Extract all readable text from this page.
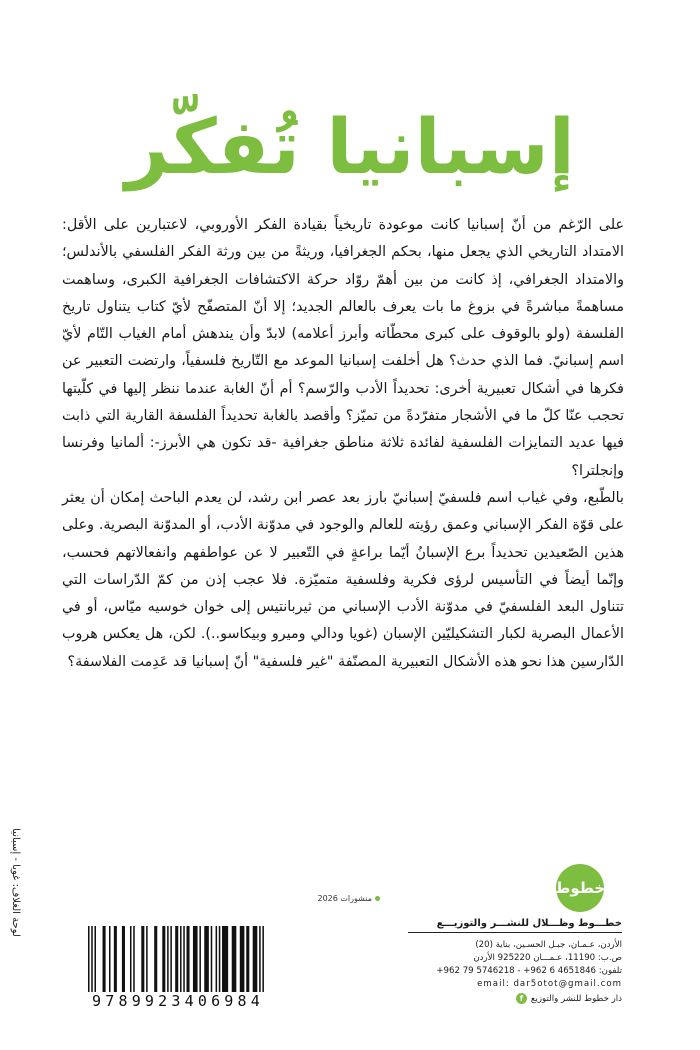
إسبانيا تُفكّر

على الرّغم من أنّ إسبانيا كانت موعودة تاريخياً بقيادة الفكر الأوروبي، لاعتبارين على الأقل: الامتداد التاريخي الذي يجعل منها، بحكم الجغرافيا، وريثةً من بين ورثة الفكر الفلسفي بالأندلس؛ والامتداد الجغرافي، إذ كانت من بين أهمّ روّاد حركة الاكتشافات الجغرافية الكبرى، وساهمت مساهمةً مباشرةً في بزوغ ما بات يعرف بالعالم الجديد؛ إلا أنّ المتصفّح لأيّ كتاب يتناول تاريخ الفلسفة (ولو بالوقوف على كبرى محطّاته وأبرز أعلامه) لابدّ وأن يندهش أمام الغياب التّام لأيّ اسم إسبانيّ. فما الذي حدث؟ هل أخلفت إسبانيا الموعد مع التّاريخ فلسفياً، وارتضت التعبير عن فكرها في أشكال تعبيرية أخرى: تحديداً الأدب والرّسم؟ أم أنّ الغابة عندما ننظر إليها في كلّيتها تحجب عنّا كلّ ما في الأشجار متفرّدةً من تميّز؟ وأقصد بالغابة تحديداً الفلسفة القارية التي ذابت فيها عديد التمايزات الفلسفية لفائدة ثلاثة مناطق جغرافية -قد تكون هي الأبرز-: ألمانيا وفرنسا وإنجلترا؟

بالطّبع، وفي غياب اسم فلسفيّ إسبانيّ بارز بعد عصر ابن رشد، لن يعدم الباحث إمكان أن يعثر على قوّة الفكر الإسباني وعمق رؤيته للعالم والوجود في مدوّنة الأدب، أو المدوّنة البصرية. وعلى هذين الصّعيدين تحديداً برع الإسبانُ أيّما براعةٍ في التّعبير لا عن عواطفهم وانفعالاتهم فحسب، وإنّما أيضاً في التأسيس لرؤى فكرية وفلسفية متميّزة. فلا عجب إذن من كمّ الدّراسات التي تتناول البعد الفلسفيّ في مدوّنة الأدب الإسباني من ثيربانتيس إلى خوان خوسيه ميّاس، أو في الأعمال البصرية لكبار التشكيليّين الإسبان (غويا ودالي وميرو وبيكاسو..). لكن، هل يعكس هروب الدّارسين هذا نحو هذه الأشكال التعبيرية المصنّفة "غير فلسفية" أنّ إسبانيا قد عَدِمت الفلاسفة؟

لوحة الغلاف: غويا - إسبانيا	خطوط
منشورات 2026
خطـــوط وظـــلال للنشـــر والتوزيـــع
الأردن، عـمـان، جبـل الحسـين، بناية (20)
ص.ب: 11190، عـمـــان 925220 الأردن
تلفون: 4651846 6 962+ - 5746218 79 962+
email: dar5otot@gmail.com
دار خطوط للنشر والتوزيع
f
9789923406984
